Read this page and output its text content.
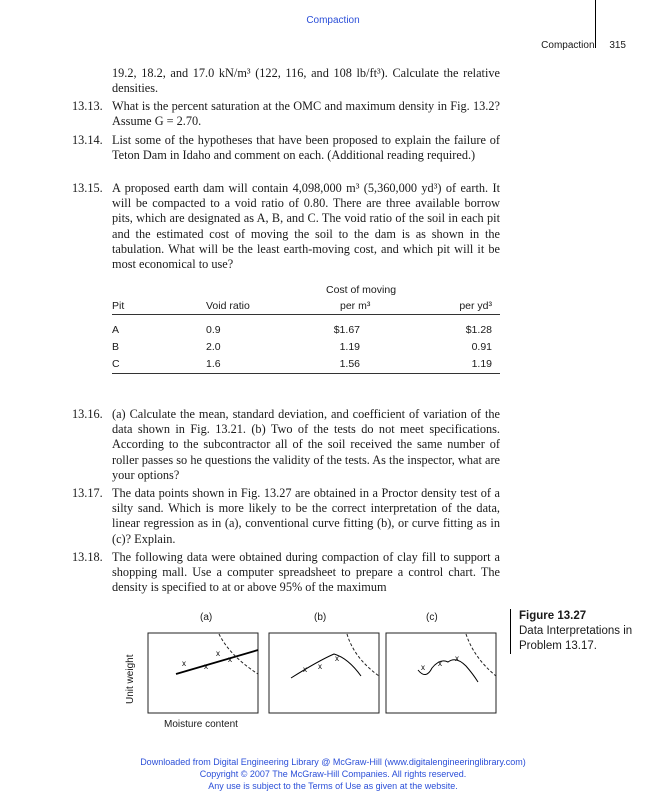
Compaction
Compaction 315
19.2, 18.2, and 17.0 kN/m³ (122, 116, and 108 lb/ft³). Calculate the relative densities.
13.13. What is the percent saturation at the OMC and maximum density in Fig. 13.2? Assume G = 2.70.
13.14. List some of the hypotheses that have been proposed to explain the failure of Teton Dam in Idaho and comment on each. (Additional reading required.)
13.15. A proposed earth dam will contain 4,098,000 m³ (5,360,000 yd³) of earth. It will be compacted to a void ratio of 0.80. There are three available borrow pits, which are designated as A, B, and C. The void ratio of the soil in each pit and the estimated cost of moving the soil to the dam is as shown in the tabulation. What will be the least earth-moving cost, and which pit will it be most economical to use?
Cost of moving
Pit	Void ratio	per m³	per yd³
A	0.9	$1.67	$1.28
B	2.0	1.19	0.91
C	1.6	1.56	1.19
13.16. (a) Calculate the mean, standard deviation, and coefficient of variation of the data shown in Fig. 13.21. (b) Two of the tests do not meet specifications. According to the subcontractor all of the soil received the same number of roller passes so he questions the validity of the tests. As the inspector, what are your options?
13.17. The data points shown in Fig. 13.27 are obtained in a Proctor density test of a silty sand. Which is more likely to be the correct interpretation of the data, linear regression as in (a), conventional curve fitting (b), or curve fitting as in (c)? Explain.
13.18. The following data were obtained during compaction of clay fill to support a shopping mall. Use a computer spreadsheet to prepare a control chart. The density is specified to at or above 95% of the maximum
(a)	(b)	(c)
Unit weight
Moisture content
x x
x
x
x x
x
x x
x
Figure 13.27
Data Interpretations in Problem 13.17.
Downloaded from Digital Engineering Library @ McGraw-Hill (www.digitalengineeringlibrary.com)
Copyright © 2007 The McGraw-Hill Companies. All rights reserved.
Any use is subject to the Terms of Use as given at the website.
